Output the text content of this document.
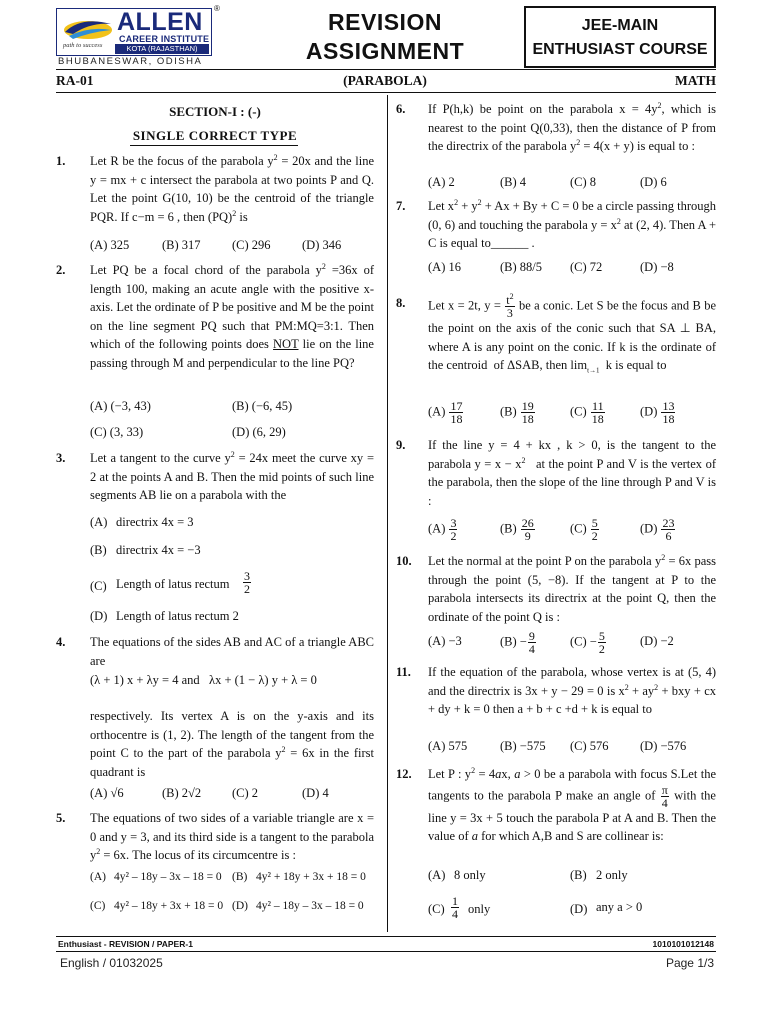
ALLEN
CAREER INSTITUTE
path to success	KOTA (RAJASTHAN)
®
BHUBANESWAR, ODISHA
REVISION
ASSIGNMENT
JEE-MAIN
ENTHUSIAST COURSE
RA-01	(PARABOLA)	MATH
SECTION-I : (-)
SINGLE CORRECT TYPE
1.	Let R be the focus of the parabola $y^2 = 20x$ and the line y = mx + c intersect the parabola at two points P and Q. Let the point G(10, 10) be the centroid of the triangle PQR. If c−m = 6 , then (PQ)$^2$ is
(A) 325	(B) 317	(C) 296	(D) 346
2.	Let PQ be a focal chord of the parabola $y^2 =36x$ of length 100, making an acute angle with the positive x-axis. Let the ordinate of P be positive and M be the point on the line segment PQ such that PM:MQ=3:1. Then which of the following points does NOT lie on the line passing through M and perpendicular to the line PQ?
(A) (−3, 43)	(B) (−6, 45)
(C) (3, 33)	(D) (6, 29)
3.	Let a tangent to the curve $y^2 = 24x$ meet the curve xy = 2 at the points A and B. Then the mid points of such line segments AB lie on a parabola with the
(A) directrix 4x = 3
(B) directrix 4x = −3
(C) Length of latus rectum $\frac{3}{2}$
(D) Length of latus rectum 2
4.	The equations of the sides AB and AC of a triangle ABC are
(λ + 1) x + λy = 4 and   λx + (1 − λ) y + λ = 0
respectively. Its vertex A is on the y-axis and its orthocentre is (1, 2). The length of the tangent from the point C to the part of the parabola $y^2 = 6x$ in the first quadrant is
(A) √6	(B) 2√2 (C) 2	(D) 4
5.	The equations of two sides of a variable triangle are x = 0 and y = 3, and its third side is a tangent to the parabola $y^2 = 6x$. The locus of its circumcentre is :
(A) 4y² – 18y – 3x – 18 = 0 (B) 4y² + 18y + 3x + 18 = 0
(C) 4y² – 18y + 3x + 18 = 0 (D) 4y² – 18y – 3x – 18 = 0
6.	If P(h,k) be point on the parabola $x = 4y^2$, which is nearest to the point Q(0,33), then the distance of P from the directrix of the parabola $y^2 = 4(x + y)$ is equal to :
(A) 2	(B) 4	(C) 8	(D) 6
7.	Let $x^2 + y^2 + Ax + By + C = 0$ be a circle passing through (0, 6) and touching the parabola $y = x^2$ at (2, 4). Then A + C is equal to______ .
(A) 16	(B) 88/5 (C) 72	(D) −8
8.	Let x = 2t, $y = \frac{t^2}{3}$ be a conic. Let S be the focus and B be the point on the axis of the conic such that SA ⊥ BA, where A is any point on the conic. If k is the ordinate of the centroid  of ΔSAB, then $\lim_{t\to 1} k$ is equal to
$(A) \frac{17}{18}$	$(B) \frac{19}{18}$	$(C) \frac{11}{18}$	$(D) \frac{13}{18}$
9.	If the line y = 4 + kx , k > 0, is the tangent to the parabola $y = x - x^2$   at the point P and V is the vertex of the parabola, then the slope of the line through P and V is :
$(A) \frac{3}{2}$	$(B) \frac{26}{9}$	$(C) \frac{5}{2}$	$(D) \frac{23}{6}$
10.	Let the normal at the point P on the parabola $y^2 = 6x$ pass through the point (5, −8). If the tangent at P to the parabola intersects its directrix at the point Q, then the ordinate of the point Q is :
(A) −3	$(B) - \frac{9}{4}$	$(C) - \frac{5}{2}$	(D) −2
11.	If the equation of the parabola, whose vertex is at (5, 4) and the directrix is 3x + y − 29 = 0 is $x^2 + ay^2$ + bxy + cx + dy + k = 0 then a + b + c +d + k is equal to
(A) 575	(B) −575 (C) 576	(D) −576
12.	Let P : $y^2 = 4ax$, a > 0 be a parabola with focus S.Let the tangents to the parabola P make an angle of $\frac{\pi}{4}$ with the line y = 3x + 5 touch the parabola P at A and B. Then the value of a for which A,B and S are collinear is:
(A) 8 only	(B) 2 only
$(C) \frac{1}{4}$ only	(D) any a > 0
Enthusiast - REVISION / PAPER-1	1010101012148
English / 01032025	Page 1/3
